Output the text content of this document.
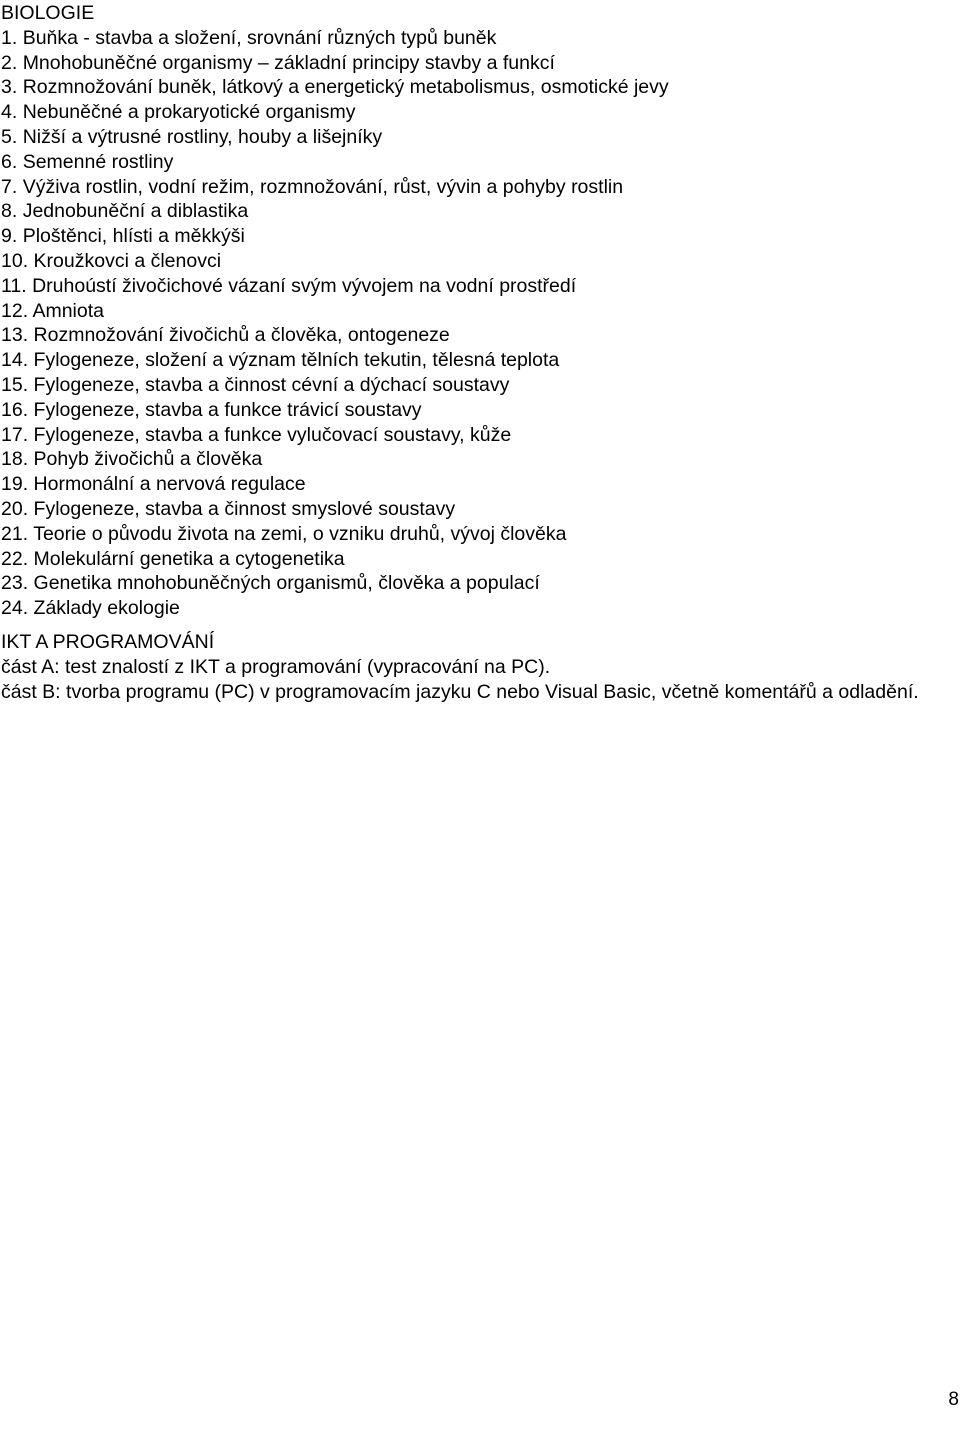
BIOLOGIE
1. Buňka - stavba a složení, srovnání různých typů buněk
2. Mnohobuněčné organismy – základní principy stavby a funkcí
3. Rozmnožování buněk, látkový a energetický metabolismus, osmotické jevy
4. Nebuněčné a prokaryotické organismy
5. Nižší a výtrusné rostliny, houby a lišejníky
6. Semenné rostliny
7. Výživa rostlin, vodní režim, rozmnožování, růst, vývin a pohyby rostlin
8. Jednobuněční a diblastika
9. Ploštěnci, hlísti a měkkýši
10. Kroužkovci a členovci
11. Druhoústí živočichové vázaní svým vývojem na vodní prostředí
12. Amniota
13. Rozmnožování živočichů a člověka, ontogeneze
14. Fylogeneze, složení a význam tělních tekutin, tělesná teplota
15. Fylogeneze, stavba a činnost cévní a dýchací soustavy
16. Fylogeneze, stavba a funkce trávicí soustavy
17. Fylogeneze, stavba a funkce vylučovací soustavy, kůže
18. Pohyb živočichů a člověka
19. Hormonální a nervová regulace
20. Fylogeneze, stavba a činnost smyslové soustavy
21. Teorie o původu života na zemi, o vzniku druhů, vývoj člověka
22. Molekulární genetika a cytogenetika
23. Genetika mnohobuněčných organismů, člověka a populací
24. Základy ekologie
IKT A PROGRAMOVÁNÍ
část A: test znalostí z IKT a programování (vypracování na PC).
část B: tvorba programu (PC) v programovacím jazyku C nebo Visual Basic, včetně komentářů a odladění.
8
